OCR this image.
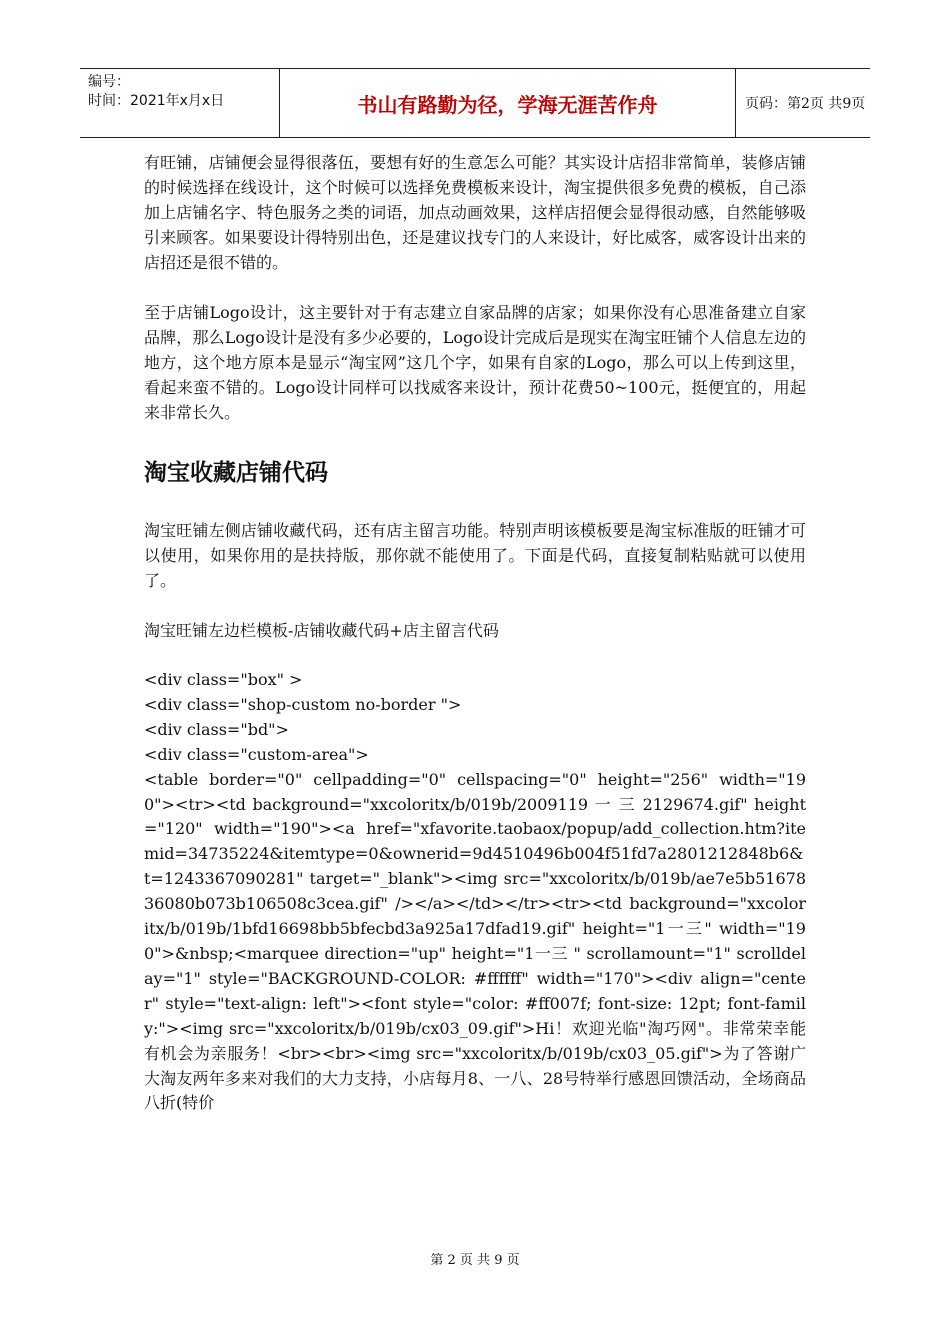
编号：
时间：2021年x月x日	书山有路勤为径，学海无涯苦作舟	页码：第2页 共9页

有旺铺，店铺便会显得很落伍，要想有好的生意怎么可能？其实设计店招非常简单，装修店铺的时候选择在线设计，这个时候可以选择免费模板来设计，淘宝提供很多免费的模板，自己添加上店铺名字、特色服务之类的词语，加点动画效果，这样店招便会显得很动感，自然能够吸引来顾客。如果要设计得特别出色，还是建议找专门的人来设计，好比威客，威客设计出来的店招还是很不错的。

至于店铺Logo设计，这主要针对于有志建立自家品牌的店家；如果你没有心思准备建立自家品牌，那么Logo设计是没有多少必要的，Logo设计完成后是现实在淘宝旺铺个人信息左边的地方，这个地方原本是显示“淘宝网”这几个字，如果有自家的Logo，那么可以上传到这里，看起来蛮不错的。Logo设计同样可以找威客来设计，预计花费50~100元，挺便宜的，用起来非常长久。

淘宝收藏店铺代码

淘宝旺铺左侧店铺收藏代码，还有店主留言功能。特别声明该模板要是淘宝标准版的旺铺才可以使用，如果你用的是扶持版，那你就不能使用了。下面是代码，直接复制粘贴就可以使用了。

淘宝旺铺左边栏模板-店铺收藏代码+店主留言代码

<div class="box" >

<div class="shop-custom no-border ">

<div class="bd">

<div class="custom-area">

<table border="0" cellpadding="0" cellspacing="0" height="256" width="190"><tr><td background="xxcoloritx/b/019b/2009119 一 三 2129674.gif" height="120" width="190"><a href="xfavorite.taobaox/popup/add_collection.htm?itemid=34735224&itemtype=0&ownerid=9d4510496b004f51fd7a2801212848b6&t=1243367090281" target="_blank"><img src="xxcoloritx/b/019b/ae7e5b5167836080b073b106508c3cea.gif" /></a></td></tr><tr><td background="xxcoloritx/b/019b/1bfd16698bb5bfecbd3a925a17dfad19.gif" height="1一三" width="190">&nbsp;<marquee direction="up" height="1一三 " scrollamount="1" scrolldelay="1" style="BACKGROUND-COLOR: #ffffff" width="170"><div align="center" style="text-align: left"><font style="color: #ff007f; font-size: 12pt; font-family:"><img src="xxcoloritx/b/019b/cx03_09.gif">Hi！欢迎光临"淘巧网"。非常荣幸能有机会为亲服务！<br><br><img src="xxcoloritx/b/019b/cx03_05.gif">为了答谢广大淘友两年多来对我们的大力支持，小店每月8、一八、28号特举行感恩回馈活动，全场商品八折(特价

第 2 页 共 9 页
